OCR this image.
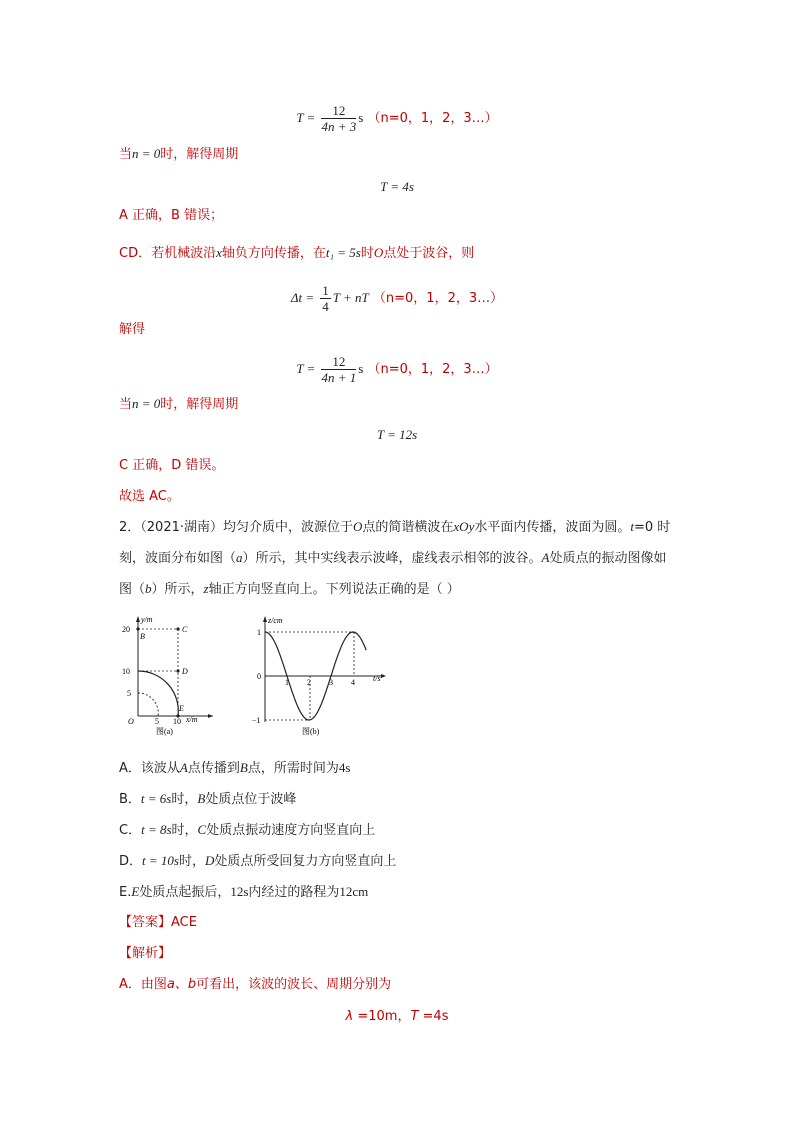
$T = \frac{12}{4n + 3}$ s （n=0，1，2，3…）
当n = 0时，解得周期
T = 4s
A 正确，B 错误；
CD．若机械波沿x轴负方向传播，在t₁ = 5s时O点处于波谷，则
$\Delta t = \frac{1}{4}$ T + nT （n=0，1，2，3…）
解得
$T = \frac{12}{4n + 1}$ s （n=0，1，2，3…）
当n = 0时，解得周期
T = 12s
C 正确，D 错误。
故选 AC。
2．（2021·湖南）均匀介质中，波源位于O点的简谐横波在xOy水平面内传播，波面为圆。t=0 时刻，波面分布如图（a）所示，其中实线表示波峰，虚线表示相邻的波谷。A处质点的振动图像如图（b）所示，z轴正方向竖直向上。下列说法正确的是（ ）
y/m
20
10
5
B
C
D
E
O	5 10 x/m
图(a)
z/cm
1
0
−1
1 2 3 4 t/s
图(b)
A．该波从A点传播到B点，所需时间为4s
B．t = 6s时，B处质点位于波峰
C．t = 8s时，C处质点振动速度方向竖直向上
D．t = 10s时，D处质点所受回复力方向竖直向上
E.E处质点起振后，12s内经过的路程为12cm
【答案】ACE
【解析】
A．由图a、b可看出，该波的波长、周期分别为
λ =10m，T =4s
